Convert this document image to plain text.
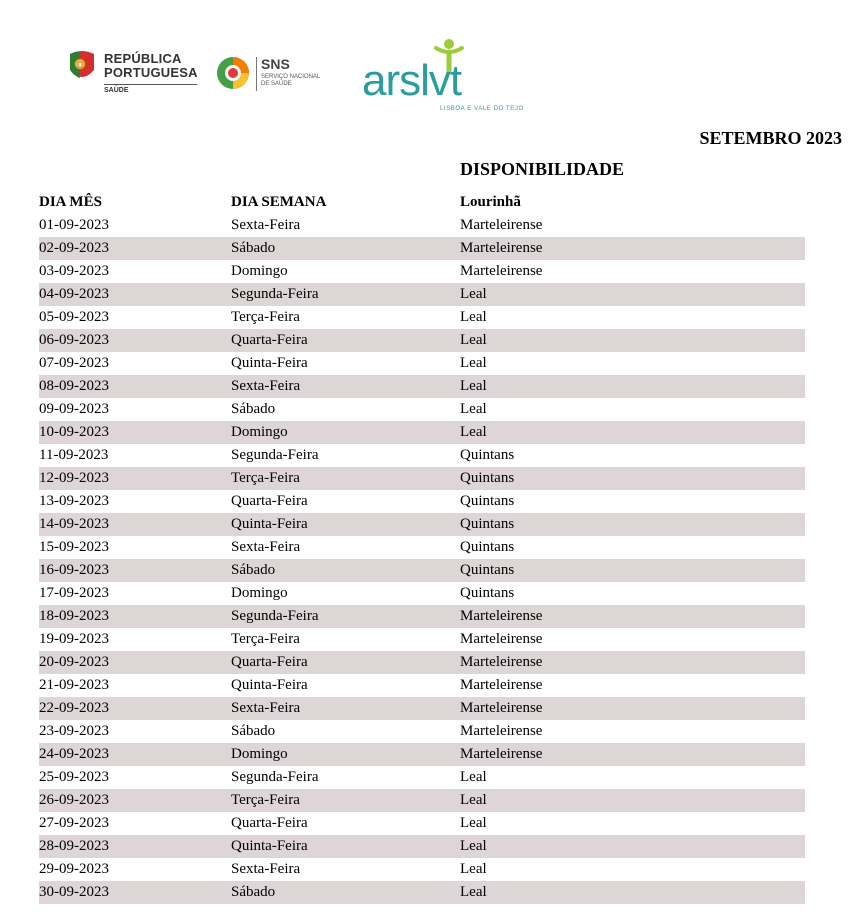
REPÚBLICA
PORTUGUESA
SAÚDE
SNS
SERVIÇO NACIONAL DE SAÚDE	arslvt
LISBOA E VALE DO TEJO
SETEMBRO 2023
DISPONIBILIDADE
DIA MÊS	DIA SEMANA	Lourinhã
01-09-2023	Sexta-Feira	Marteleirense
02-09-2023	Sábado	Marteleirense
03-09-2023	Domingo	Marteleirense
04-09-2023	Segunda-Feira	Leal
05-09-2023	Terça-Feira	Leal
06-09-2023	Quarta-Feira	Leal
07-09-2023	Quinta-Feira	Leal
08-09-2023	Sexta-Feira	Leal
09-09-2023	Sábado	Leal
10-09-2023	Domingo	Leal
11-09-2023	Segunda-Feira	Quintans
12-09-2023	Terça-Feira	Quintans
13-09-2023	Quarta-Feira	Quintans
14-09-2023	Quinta-Feira	Quintans
15-09-2023	Sexta-Feira	Quintans
16-09-2023	Sábado	Quintans
17-09-2023	Domingo	Quintans
18-09-2023	Segunda-Feira	Marteleirense
19-09-2023	Terça-Feira	Marteleirense
20-09-2023	Quarta-Feira	Marteleirense
21-09-2023	Quinta-Feira	Marteleirense
22-09-2023	Sexta-Feira	Marteleirense
23-09-2023	Sábado	Marteleirense
24-09-2023	Domingo	Marteleirense
25-09-2023	Segunda-Feira	Leal
26-09-2023	Terça-Feira	Leal
27-09-2023	Quarta-Feira	Leal
28-09-2023	Quinta-Feira	Leal
29-09-2023	Sexta-Feira	Leal
30-09-2023	Sábado	Leal
